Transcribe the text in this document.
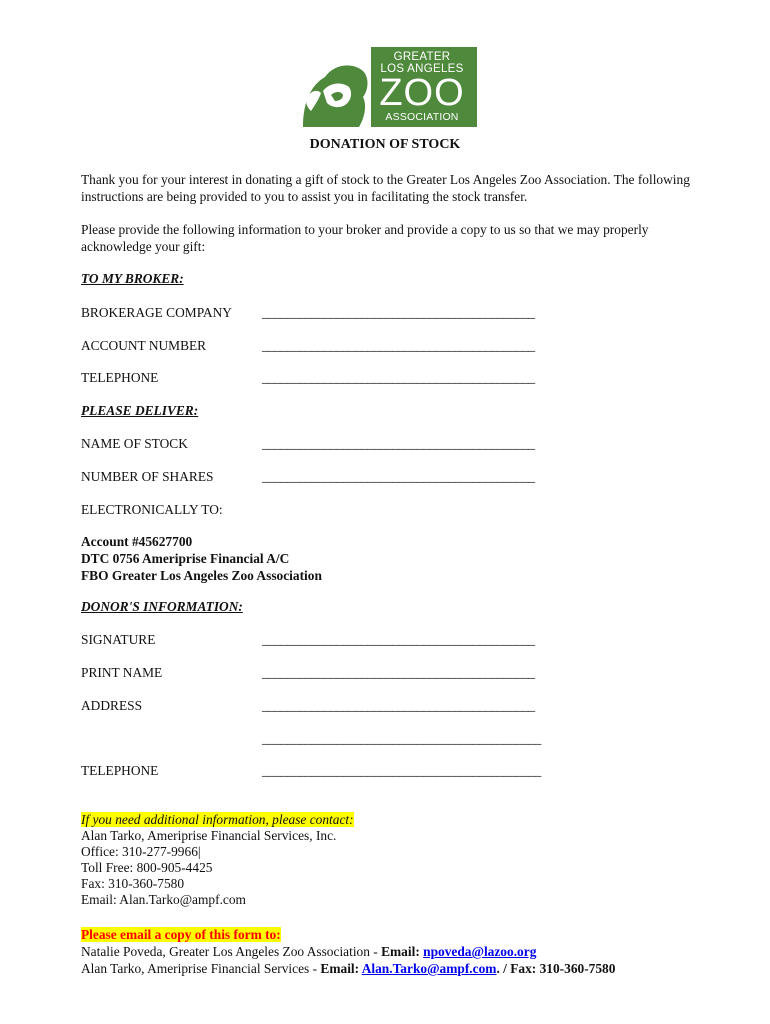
GREATER
LOS ANGELES
ZOO
ASSOCIATION
DONATION OF STOCK
Thank you for your interest in donating a gift of stock to the Greater Los Angeles Zoo Association. The following instructions are being provided to you to assist you in facilitating the stock transfer.
Please provide the following information to your broker and provide a copy to us so that we may properly acknowledge your gift:
TO MY BROKER:
BROKERAGE COMPANY ____________________________________________
ACCOUNT NUMBER	____________________________________________
TELEPHONE	____________________________________________
PLEASE DELIVER:
NAME OF STOCK	____________________________________________
NUMBER OF SHARES	____________________________________________
ELECTRONICALLY TO:
Account #45627700
DTC 0756 Ameriprise Financial A/C
FBO Greater Los Angeles Zoo Association
DONOR'S INFORMATION:
SIGNATURE	____________________________________________
PRINT NAME	____________________________________________
ADDRESS	____________________________________________
_____________________________________________
TELEPHONE	_____________________________________________
If you need additional information, please contact:
Alan Tarko, Ameriprise Financial Services, Inc.
Office: 310-277-9966|
Toll Free: 800-905-4425
Fax: 310-360-7580
Email: Alan.Tarko@ampf.com
Please email a copy of this form to:
Natalie Poveda, Greater Los Angeles Zoo Association - Email: npoveda@lazoo.org
Alan Tarko, Ameriprise Financial Services - Email: Alan.Tarko@ampf.com. / Fax: 310-360-7580
